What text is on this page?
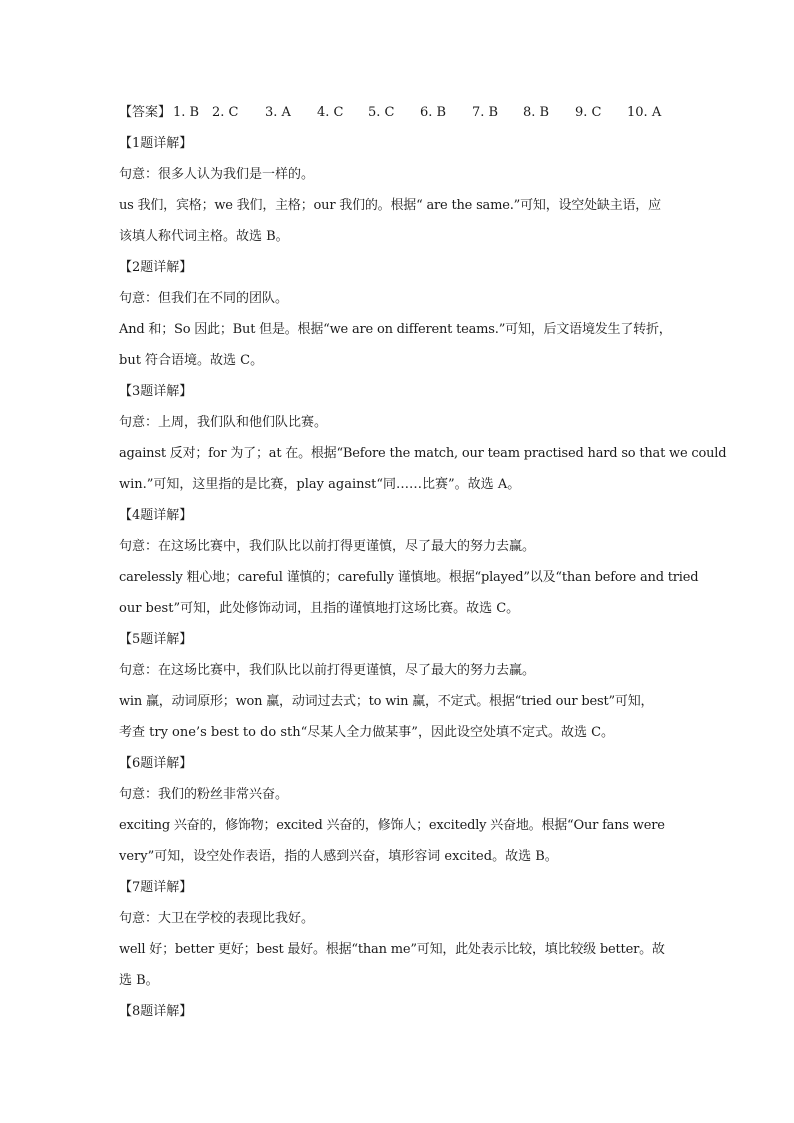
【答案】 1. B 2. C	3. A	4. C	5. C	6. B	7. B	8. B	9. C	10. A
【1题详解】
句意：很多人认为我们是一样的。
us 我们，宾格；we 我们，主格；our 我们的。根据“ are the same.”可知，设空处缺主语，应
该填人称代词主格。故选 B。
【2题详解】
句意：但我们在不同的团队。
And 和；So 因此；But 但是。根据“we are on different teams.”可知，后文语境发生了转折，
but 符合语境。故选 C。
【3题详解】
句意：上周，我们队和他们队比赛。
against 反对；for 为了；at 在。根据“Before the match, our team practised hard so that we could
win.”可知，这里指的是比赛，play against“同……比赛”。故选 A。
【4题详解】
句意：在这场比赛中，我们队比以前打得更谨慎，尽了最大的努力去赢。
carelessly 粗心地；careful 谨慎的；carefully 谨慎地。根据“played”以及“than before and tried
our best”可知，此处修饰动词，且指的谨慎地打这场比赛。故选 C。
【5题详解】
句意：在这场比赛中，我们队比以前打得更谨慎，尽了最大的努力去赢。
win 赢，动词原形；won 赢，动词过去式；to win 赢，不定式。根据“tried our best”可知，
考查 try one’s best to do sth“尽某人全力做某事”，因此设空处填不定式。故选 C。
【6题详解】
句意：我们的粉丝非常兴奋。
exciting 兴奋的，修饰物；excited 兴奋的，修饰人；excitedly 兴奋地。根据“Our fans were
very”可知，设空处作表语，指的人感到兴奋，填形容词 excited。故选 B。
【7题详解】
句意：大卫在学校的表现比我好。
well 好；better 更好；best 最好。根据“than me”可知，此处表示比较，填比较级 better。故
选 B。
【8题详解】
